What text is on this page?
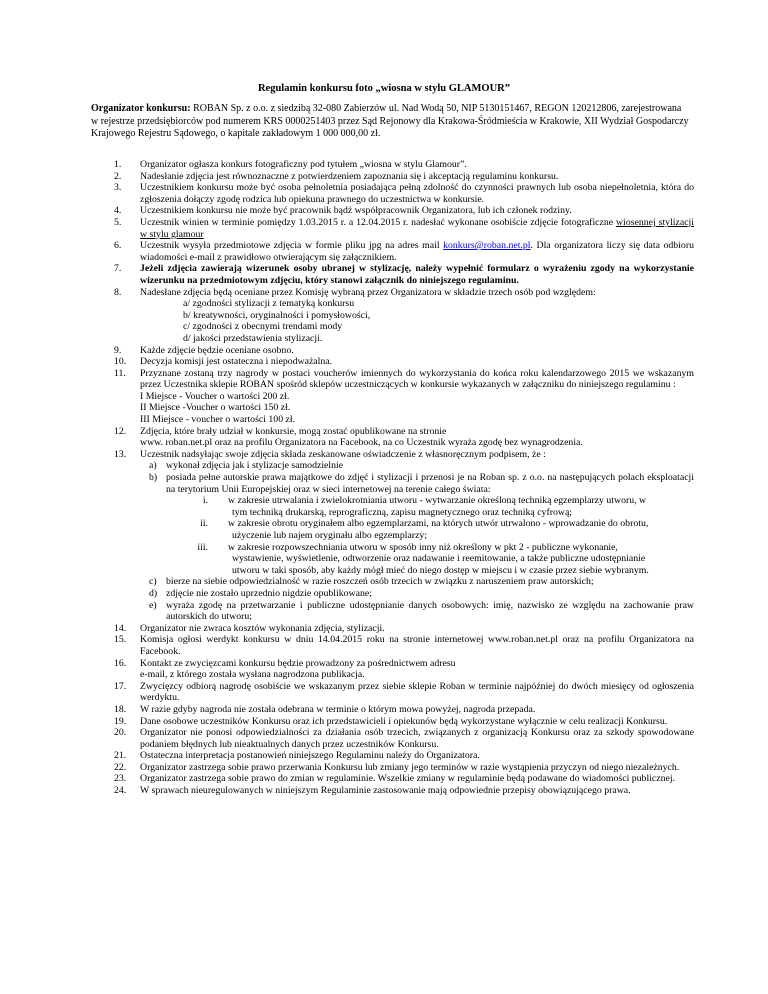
Regulamin konkursu foto „wiosna w stylu GLAMOUR”
Organizator konkursu: ROBAN Sp. z o.o. z siedzibą 32-080 Zabierzów ul. Nad Wodą 50, NIP 5130151467, REGON 120212806, zarejestrowana w rejestrze przedsiębiorców pod numerem KRS 0000251403 przez Sąd Rejonowy dla Krakowa-Śródmieścia w Krakowie, XII Wydział Gospodarczy Krajowego Rejestru Sądowego, o kapitale zakładowym 1 000 000,00 zł.
1.	Organizator ogłasza konkurs fotograficzny pod tytułem „wiosna w stylu Glamour”.
2.	Nadesłanie zdjęcia jest równoznaczne z potwierdzeniem zapoznania się i akceptacją regulaminu konkursu.
3.	Uczestnikiem konkursu może być osoba pełnoletnia posiadająca pełną zdolność do czynności prawnych lub osoba niepełnoletnia, która do zgłoszenia dołączy zgodę rodzica lub opiekuna prawnego do uczestnictwa w konkursie.
4.	Uczestnikiem konkursu nie może być pracownik bądź współpracownik Organizatora, lub ich członek rodziny.
5.	Uczestnik winien w terminie pomiędzy 1.03.2015 r. a 12.04.2015 r. nadesłać wykonane osobiście zdjęcie fotograficzne wiosennej stylizacji w stylu glamour
6.	Uczestnik wysyła przedmiotowe zdjęcia w formie pliku jpg na adres mail konkurs@roban.net.pl. Dla organizatora liczy się data odbioru wiadomości e-mail z prawidłowo otwierającym się załącznikiem.
7.	Jeżeli zdjęcia zawierają wizerunek osoby ubranej w stylizację, należy wypełnić formularz o wyrażeniu zgody na wykorzystanie wizerunku na przedmiotowym zdjęciu, który stanowi załącznik do niniejszego regulaminu.
8.	Nadesłane zdjęcia będą oceniane przez Komisję wybraną przez Organizatora w składzie trzech osób pod względem:
a/ zgodności stylizacji z tematyką konkursu
b/ kreatywności, oryginalności i pomysłowości,
c/ zgodności z obecnymi trendami mody
d/ jakości przedstawienia stylizacji.
9.	Każde zdjęcie będzie oceniane osobno.
10.	Decyzja komisji jest ostateczna i niepodważalna.
11.	Przyznane zostaną trzy nagrody w postaci voucherów imiennych do wykorzystania do końca roku kalendarzowego 2015 we wskazanym przez Uczestnika sklepie ROBAN spośród sklepów uczestniczących w konkursie wykazanych w załączniku do niniejszego regulaminu :
I Miejsce - Voucher o wartości 200 zł.
II Miejsce -Voucher o wartości 150 zł.
III Miejsce - voucher o wartości 100 zł.
12.	Zdjęcia, które brały udział w konkursie, mogą zostać opublikowane na stronie
www. roban.net.pl oraz na profilu Organizatora na Facebook, na co Uczestnik wyraża zgodę bez wynagrodzenia.
13.	Uczestnik nadsyłając swoje zdjęcia składa zeskanowane oświadczenie z własnoręcznym podpisem, że :
a) wykonał zdjęcia jak i stylizacje samodzielnie
b) posiada pełne autorskie prawa majątkowe do zdjęć i stylizacji i przenosi je na Roban sp. z o.o. na następujących polach eksploatacji na terytorium Unii Europejskiej oraz w sieci internetowej na terenie całego świata:
i. w zakresie utrwalania i zwielokrotniania utworu - wytwarzanie określoną techniką egzemplarzy utworu, w
tym techniką drukarską, reprograficzną, zapisu magnetycznego oraz techniką cyfrową;
ii. w zakresie obrotu oryginałem albo egzemplarzami, na których utwór utrwalono - wprowadzanie do obrotu,
użyczenie lub najem oryginału albo egzemplarzy;
iii. w zakresie rozpowszechniania utworu w sposób inny niż określony w pkt 2 - publiczne wykonanie,
wystawienie, wyświetlenie, odtworzenie oraz nadawanie i reemitowanie, a także publiczne udostępnianie
utworu w taki sposób, aby każdy mógł mieć do niego dostęp w miejscu i w czasie przez siebie wybranym.
c) bierze na siebie odpowiedzialność w razie roszczeń osób trzecich w związku z naruszeniem praw autorskich;
d) zdjęcie nie zostało uprzednio nigdzie opublikowane;
e) wyraża zgodę na przetwarzanie i publiczne udostępnianie danych osobowych: imię, nazwisko ze względu na zachowanie praw autorskich do utworu;
14.	Organizator nie zwraca kosztów wykonania zdjęcia, stylizacji.
15.	Komisja ogłosi werdykt konkursu w dniu 14.04.2015 roku na stronie internetowej www.roban.net.pl oraz na profilu Organizatora na Facebook.
16.	Kontakt ze zwycięzcami konkursu będzie prowadzony za pośrednictwem adresu
e-mail, z którego została wysłana nagrodzona publikacja.
17.	Zwycięzcy odbiorą nagrodę osobiście we wskazanym przez siebie sklepie Roban w terminie najpóźniej do dwóch miesięcy od ogłoszenia werdyktu.
18.	W razie gdyby nagroda nie została odebrana w terminie o którym mowa powyżej, nagroda przepada.
19.	Dane osobowe uczestników Konkursu oraz ich przedstawicieli i opiekunów będą wykorzystane wyłącznie w celu realizacji Konkursu.
20.	Organizator nie ponosi odpowiedzialności za działania osób trzecich, związanych z organizacją Konkursu oraz za szkody spowodowane podaniem błędnych lub nieaktualnych danych przez uczestników Konkursu.
21.	Ostateczna interpretacja postanowień niniejszego Regulaminu należy do Organizatora.
22.	Organizator zastrzega sobie prawo przerwania Konkursu lub zmiany jego terminów w razie wystąpienia przyczyn od niego niezależnych.
23.	Organizator zastrzega sobie prawo do zmian w regulaminie. Wszelkie zmiany w regulaminie będą podawane do wiadomości publicznej.
24.	W sprawach nieuregulowanych w niniejszym Regulaminie zastosowanie mają odpowiednie przepisy obowiązującego prawa.
